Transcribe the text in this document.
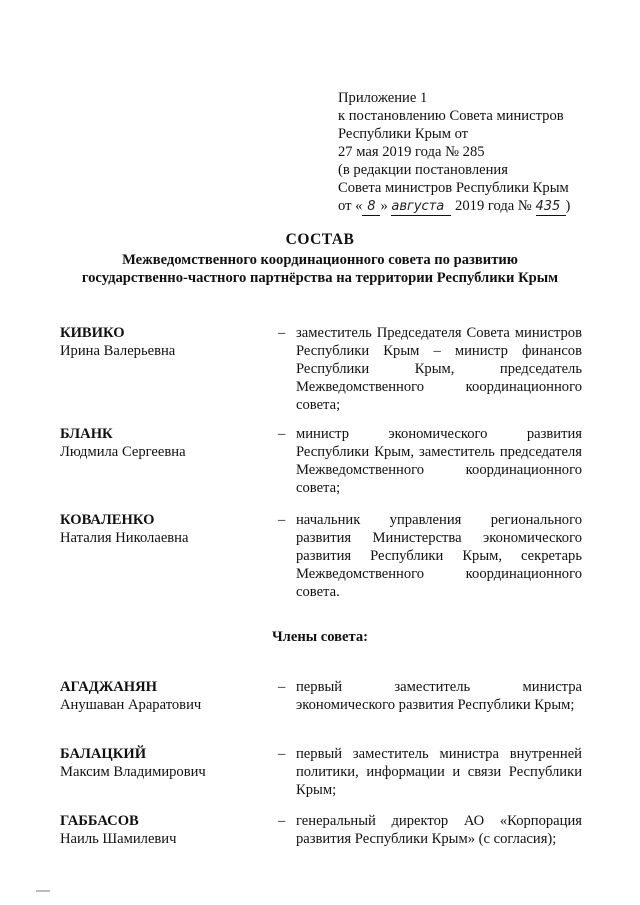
Приложение 1
к постановлению Совета министров
Республики Крым от
27 мая 2019 года № 285
(в редакции постановления
Совета министров Республики Крым
от « 8 » августа 2019 года № 435 )
СОСТАВ
Межведомственного координационного совета по развитию
государственно-частного партнёрства на территории Республики Крым
КИВИКО
Ирина Валерьевна
– заместитель Председателя Совета министров Республики Крым – министр финансов Республики Крым, председатель Межведомственного координационного совета;
БЛАНК
Людмила Сергеевна
– министр экономического развития Республики Крым, заместитель председателя Межведомственного координационного совета;
КОВАЛЕНКО
Наталия Николаевна
– начальник управления регионального развития Министерства экономического развития Республики Крым, секретарь Межведомственного координационного совета.
Члены совета:
АГАДЖАНЯН
Анушаван Араратович
– первый заместитель министра экономического развития Республики Крым;
БАЛАЦКИЙ
Максим Владимирович
– первый заместитель министра внутренней политики, информации и связи Республики Крым;
ГАББАСОВ
Наиль Шамилевич
– генеральный директор АО «Корпорация развития Республики Крым» (с согласия);
